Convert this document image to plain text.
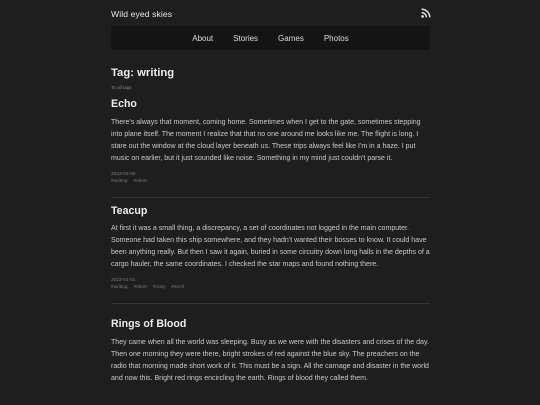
Wild eyed skies
About	Stories	Games	Photos
Tag: writing
To all tags
Echo

There's always that moment, coming home. Sometimes when I get to the gate, sometimes stepping into plane itself. The moment I realize that that no one around me looks like me. The flight is long. I stare out the window at the cloud layer beneath us. These trips always feel like I'm in a haze. I put music on earlier, but it just sounded like noise. Something in my mind just couldn't parse it.

2023-03-06
#writing #short
Teacup

At first it was a small thing, a discrepancy, a set of coordinates not logged in the main computer. Someone had taken this ship somewhere, and they hadn't wanted their bosses to know. It could have been anything really. But then I saw it again, buried in some circuitry down long halls in the depths of a cargo hauler, the same coordinates. I checked the star maps and found nothing there.

2023-01-01
#writing #short #cozy #sci-fi
Rings of Blood

They came when all the world was sleeping. Busy as we were with the disasters and crises of the day. Then one morning they were there, bright strokes of red against the blue sky. The preachers on the radio that morning made short work of it. This must be a sign. All the carnage and disaster in the world and now this. Bright red rings encircling the earth. Rings of blood they called them.
